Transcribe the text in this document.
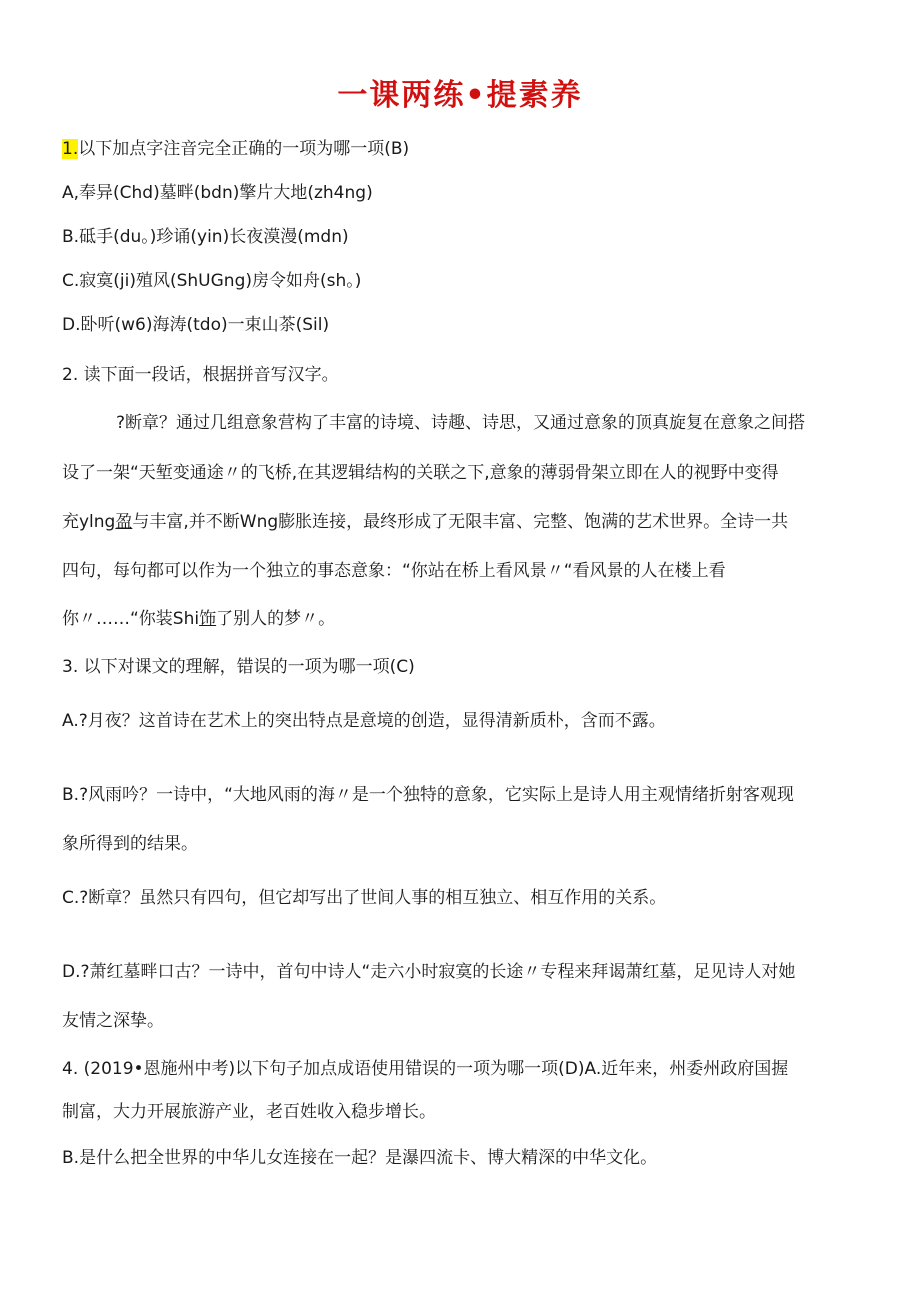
一课两练•提素养
1.以下加点字注音完全正确的一项为哪一项(B)
A,奉异(Chd)墓畔(bdn)擎片大地(zh4ng)
B.砥手(du。)珍诵(yin)长夜漠漫(mdn)
C.寂寞(ji)殖风(ShUGng)房令如舟(sh。)
D.卧听(w6)海涛(tdo)一束山茶(Sil)
2. 读下面一段话，根据拼音写汉字。
?断章？通过几组意象营构了丰富的诗境、诗趣、诗思，又通过意象的顶真旋复在意象之间搭
设了一架“天堑变通途〃的飞桥,在其逻辑结构的关联之下,意象的薄弱骨架立即在人的视野中变得
充ylng盈与丰富,并不断Wng膨胀连接，最终形成了无限丰富、完整、饱满的艺术世界。全诗一共
四句，每句都可以作为一个独立的事态意象：“你站在桥上看风景〃“看风景的人在楼上看
你〃……“你装Shi饰了别人的梦〃。
3. 以下对课文的理解，错误的一项为哪一项(C)
A.?月夜？这首诗在艺术上的突出特点是意境的创造，显得清新质朴，含而不露。
B.?风雨吟？一诗中，“大地风雨的海〃是一个独特的意象，它实际上是诗人用主观情绪折射客观现
象所得到的结果。
C.?断章？虽然只有四句，但它却写出了世间人事的相互独立、相互作用的关系。
D.?萧红墓畔口古？一诗中，首句中诗人“走六小时寂寞的长途〃专程来拜谒萧红墓，足见诗人对她
友情之深挚。
4. (2019•恩施州中考)以下句子加点成语使用错误的一项为哪一项(D)A.近年来，州委州政府国握
制富，大力开展旅游产业，老百姓收入稳步增长。
B.是什么把全世界的中华儿女连接在一起？是瀑四流卡、博大精深的中华文化。
